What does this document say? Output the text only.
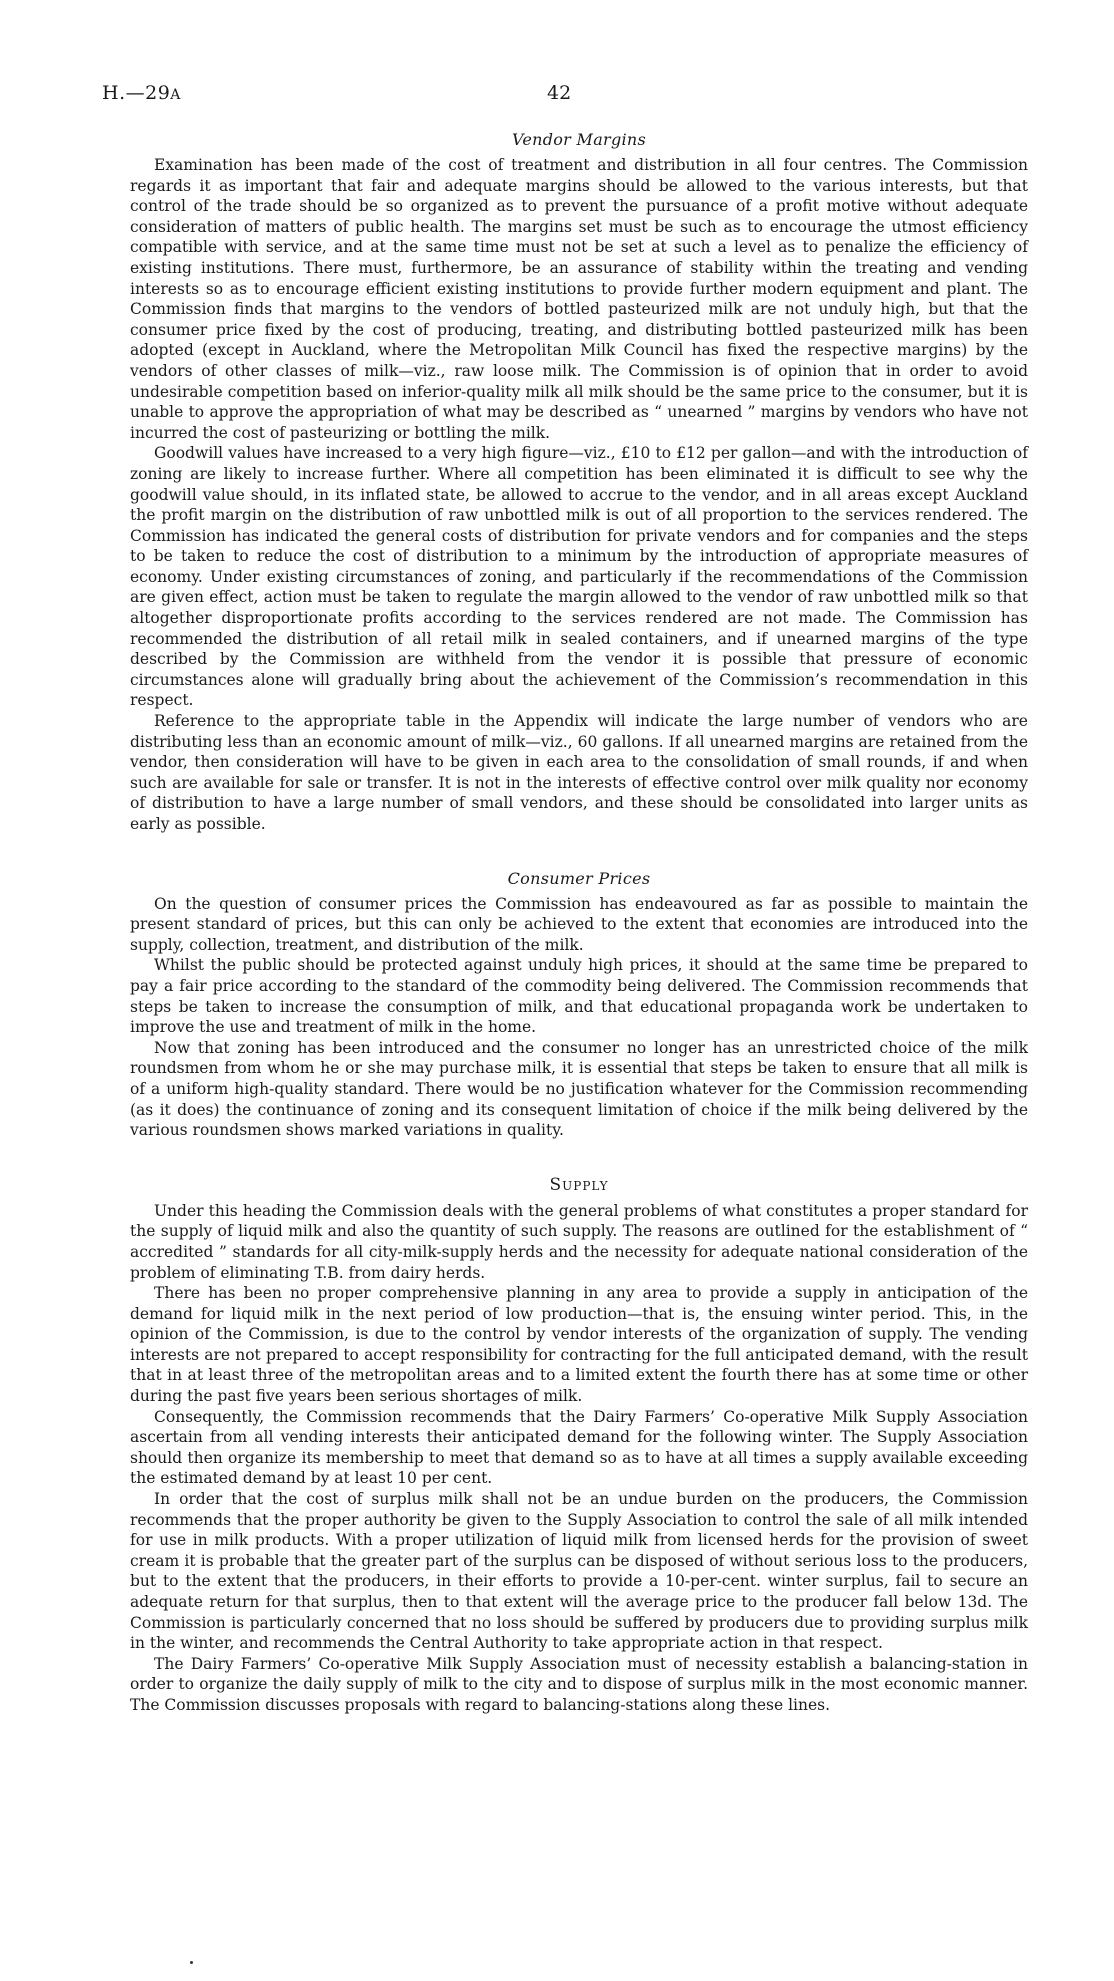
H.—29A	42
Vendor Margins

Examination has been made of the cost of treatment and distribution in all four centres. The Commission regards it as important that fair and adequate margins should be allowed to the various interests, but that control of the trade should be so organized as to prevent the pursuance of a profit motive without adequate consideration of matters of public health. The margins set must be such as to encourage the utmost efficiency compatible with service, and at the same time must not be set at such a level as to penalize the efficiency of existing institutions. There must, furthermore, be an assurance of stability within the treating and vending interests so as to encourage efficient existing institutions to provide further modern equipment and plant. The Commission finds that margins to the vendors of bottled pasteurized milk are not unduly high, but that the consumer price fixed by the cost of producing, treating, and distributing bottled pasteurized milk has been adopted (except in Auckland, where the Metropolitan Milk Council has fixed the respective margins) by the vendors of other classes of milk—viz., raw loose milk. The Commission is of opinion that in order to avoid undesirable competition based on inferior-quality milk all milk should be the same price to the consumer, but it is unable to approve the appropriation of what may be described as “ unearned ” margins by vendors who have not incurred the cost of pasteurizing or bottling the milk.

Goodwill values have increased to a very high figure—viz., £10 to £12 per gallon—and with the introduction of zoning are likely to increase further. Where all competition has been eliminated it is difficult to see why the goodwill value should, in its inflated state, be allowed to accrue to the vendor, and in all areas except Auckland the profit margin on the distribution of raw unbottled milk is out of all proportion to the services rendered. The Commission has indicated the general costs of distribution for private vendors and for companies and the steps to be taken to reduce the cost of distribution to a minimum by the introduction of appropriate measures of economy. Under existing circumstances of zoning, and particularly if the recommendations of the Commission are given effect, action must be taken to regulate the margin allowed to the vendor of raw unbottled milk so that altogether disproportionate profits according to the services rendered are not made. The Commission has recommended the distribution of all retail milk in sealed containers, and if unearned margins of the type described by the Commission are withheld from the vendor it is possible that pressure of economic circumstances alone will gradually bring about the achievement of the Commission’s recommendation in this respect.

Reference to the appropriate table in the Appendix will indicate the large number of vendors who are distributing less than an economic amount of milk—viz., 60 gallons. If all unearned margins are retained from the vendor, then consideration will have to be given in each area to the consolidation of small rounds, if and when such are available for sale or transfer. It is not in the interests of effective control over milk quality nor economy of distribution to have a large number of small vendors, and these should be consolidated into larger units as early as possible.

Consumer Prices

On the question of consumer prices the Commission has endeavoured as far as possible to maintain the present standard of prices, but this can only be achieved to the extent that economies are introduced into the supply, collection, treatment, and distribution of the milk.

Whilst the public should be protected against unduly high prices, it should at the same time be prepared to pay a fair price according to the standard of the commodity being delivered. The Commission recommends that steps be taken to increase the consumption of milk, and that educational propaganda work be undertaken to improve the use and treatment of milk in the home.

Now that zoning has been introduced and the consumer no longer has an unrestricted choice of the milk roundsmen from whom he or she may purchase milk, it is essential that steps be taken to ensure that all milk is of a uniform high-quality standard. There would be no justification whatever for the Commission recommending (as it does) the continuance of zoning and its consequent limitation of choice if the milk being delivered by the various roundsmen shows marked variations in quality.

Supply

Under this heading the Commission deals with the general problems of what constitutes a proper standard for the supply of liquid milk and also the quantity of such supply. The reasons are outlined for the establishment of “ accredited ” standards for all city-milk-supply herds and the necessity for adequate national consideration of the problem of eliminating T.B. from dairy herds.

There has been no proper comprehensive planning in any area to provide a supply in anticipation of the demand for liquid milk in the next period of low production—that is, the ensuing winter period. This, in the opinion of the Commission, is due to the control by vendor interests of the organization of supply. The vending interests are not prepared to accept responsibility for contracting for the full anticipated demand, with the result that in at least three of the metropolitan areas and to a limited extent the fourth there has at some time or other during the past five years been serious shortages of milk.

Consequently, the Commission recommends that the Dairy Farmers’ Co-operative Milk Supply Association ascertain from all vending interests their anticipated demand for the following winter. The Supply Association should then organize its membership to meet that demand so as to have at all times a supply available exceeding the estimated demand by at least 10 per cent.

In order that the cost of surplus milk shall not be an undue burden on the producers, the Commission recommends that the proper authority be given to the Supply Association to control the sale of all milk intended for use in milk products. With a proper utilization of liquid milk from licensed herds for the provision of sweet cream it is probable that the greater part of the surplus can be disposed of without serious loss to the producers, but to the extent that the producers, in their efforts to provide a 10-per-cent. winter surplus, fail to secure an adequate return for that surplus, then to that extent will the average price to the producer fall below 13d. The Commission is particularly concerned that no loss should be suffered by producers due to providing surplus milk in the winter, and recommends the Central Authority to take appropriate action in that respect.

The Dairy Farmers’ Co-operative Milk Supply Association must of necessity establish a balancing-station in order to organize the daily supply of milk to the city and to dispose of surplus milk in the most economic manner. The Commission discusses proposals with regard to balancing-stations along these lines.
